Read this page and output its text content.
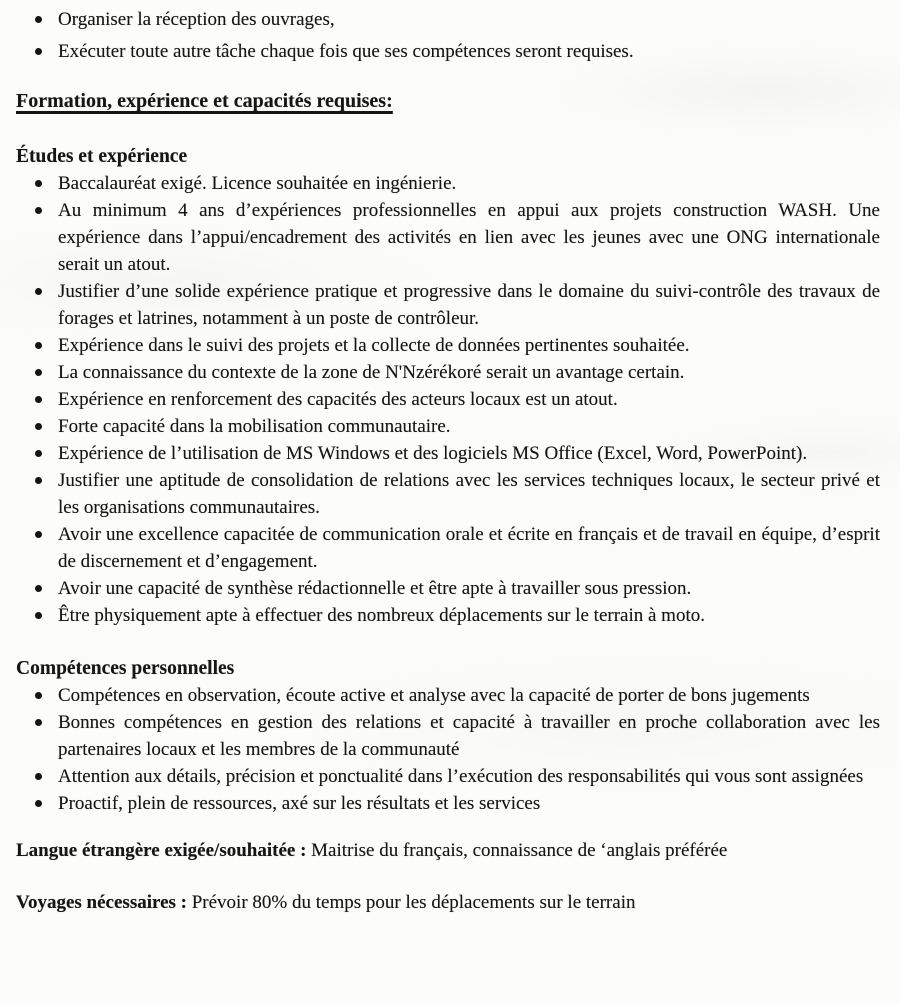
Organiser la réception des ouvrages,
Exécuter toute autre tâche chaque fois que ses compétences seront requises.

Formation, expérience et capacités requises:

Études et expérience
Baccalauréat exigé. Licence souhaitée en ingénierie.
Au minimum 4 ans d’expériences professionnelles en appui aux projets construction WASH. Une expérience dans l’appui/encadrement des activités en lien avec les jeunes avec une ONG internationale serait un atout.
Justifier d’une solide expérience pratique et progressive dans le domaine du suivi-contrôle des travaux de forages et latrines, notamment à un poste de contrôleur.
Expérience dans le suivi des projets et la collecte de données pertinentes souhaitée.
La connaissance du contexte de la zone de N'Nzérékoré serait un avantage certain.
Expérience en renforcement des capacités des acteurs locaux est un atout.
Forte capacité dans la mobilisation communautaire.
Expérience de l’utilisation de MS Windows et des logiciels MS Office (Excel, Word, PowerPoint).
Justifier une aptitude de consolidation de relations avec les services techniques locaux, le secteur privé et les organisations communautaires.
Avoir une excellence capacitée de communication orale et écrite en français et de travail en équipe, d’esprit de discernement et d’engagement.
Avoir une capacité de synthèse rédactionnelle et être apte à travailler sous pression.
Être physiquement apte à effectuer des nombreux déplacements sur le terrain à moto.
Compétences personnelles
Compétences en observation, écoute active et analyse avec la capacité de porter de bons jugements
Bonnes compétences en gestion des relations et capacité à travailler en proche collaboration avec les partenaires locaux et les membres de la communauté
Attention aux détails, précision et ponctualité dans l’exécution des responsabilités qui vous sont assignées
Proactif, plein de ressources, axé sur les résultats et les services

Langue étrangère exigée/souhaitée : Maitrise du français, connaissance de ‘anglais préférée

Voyages nécessaires : Prévoir 80% du temps pour les déplacements sur le terrain
